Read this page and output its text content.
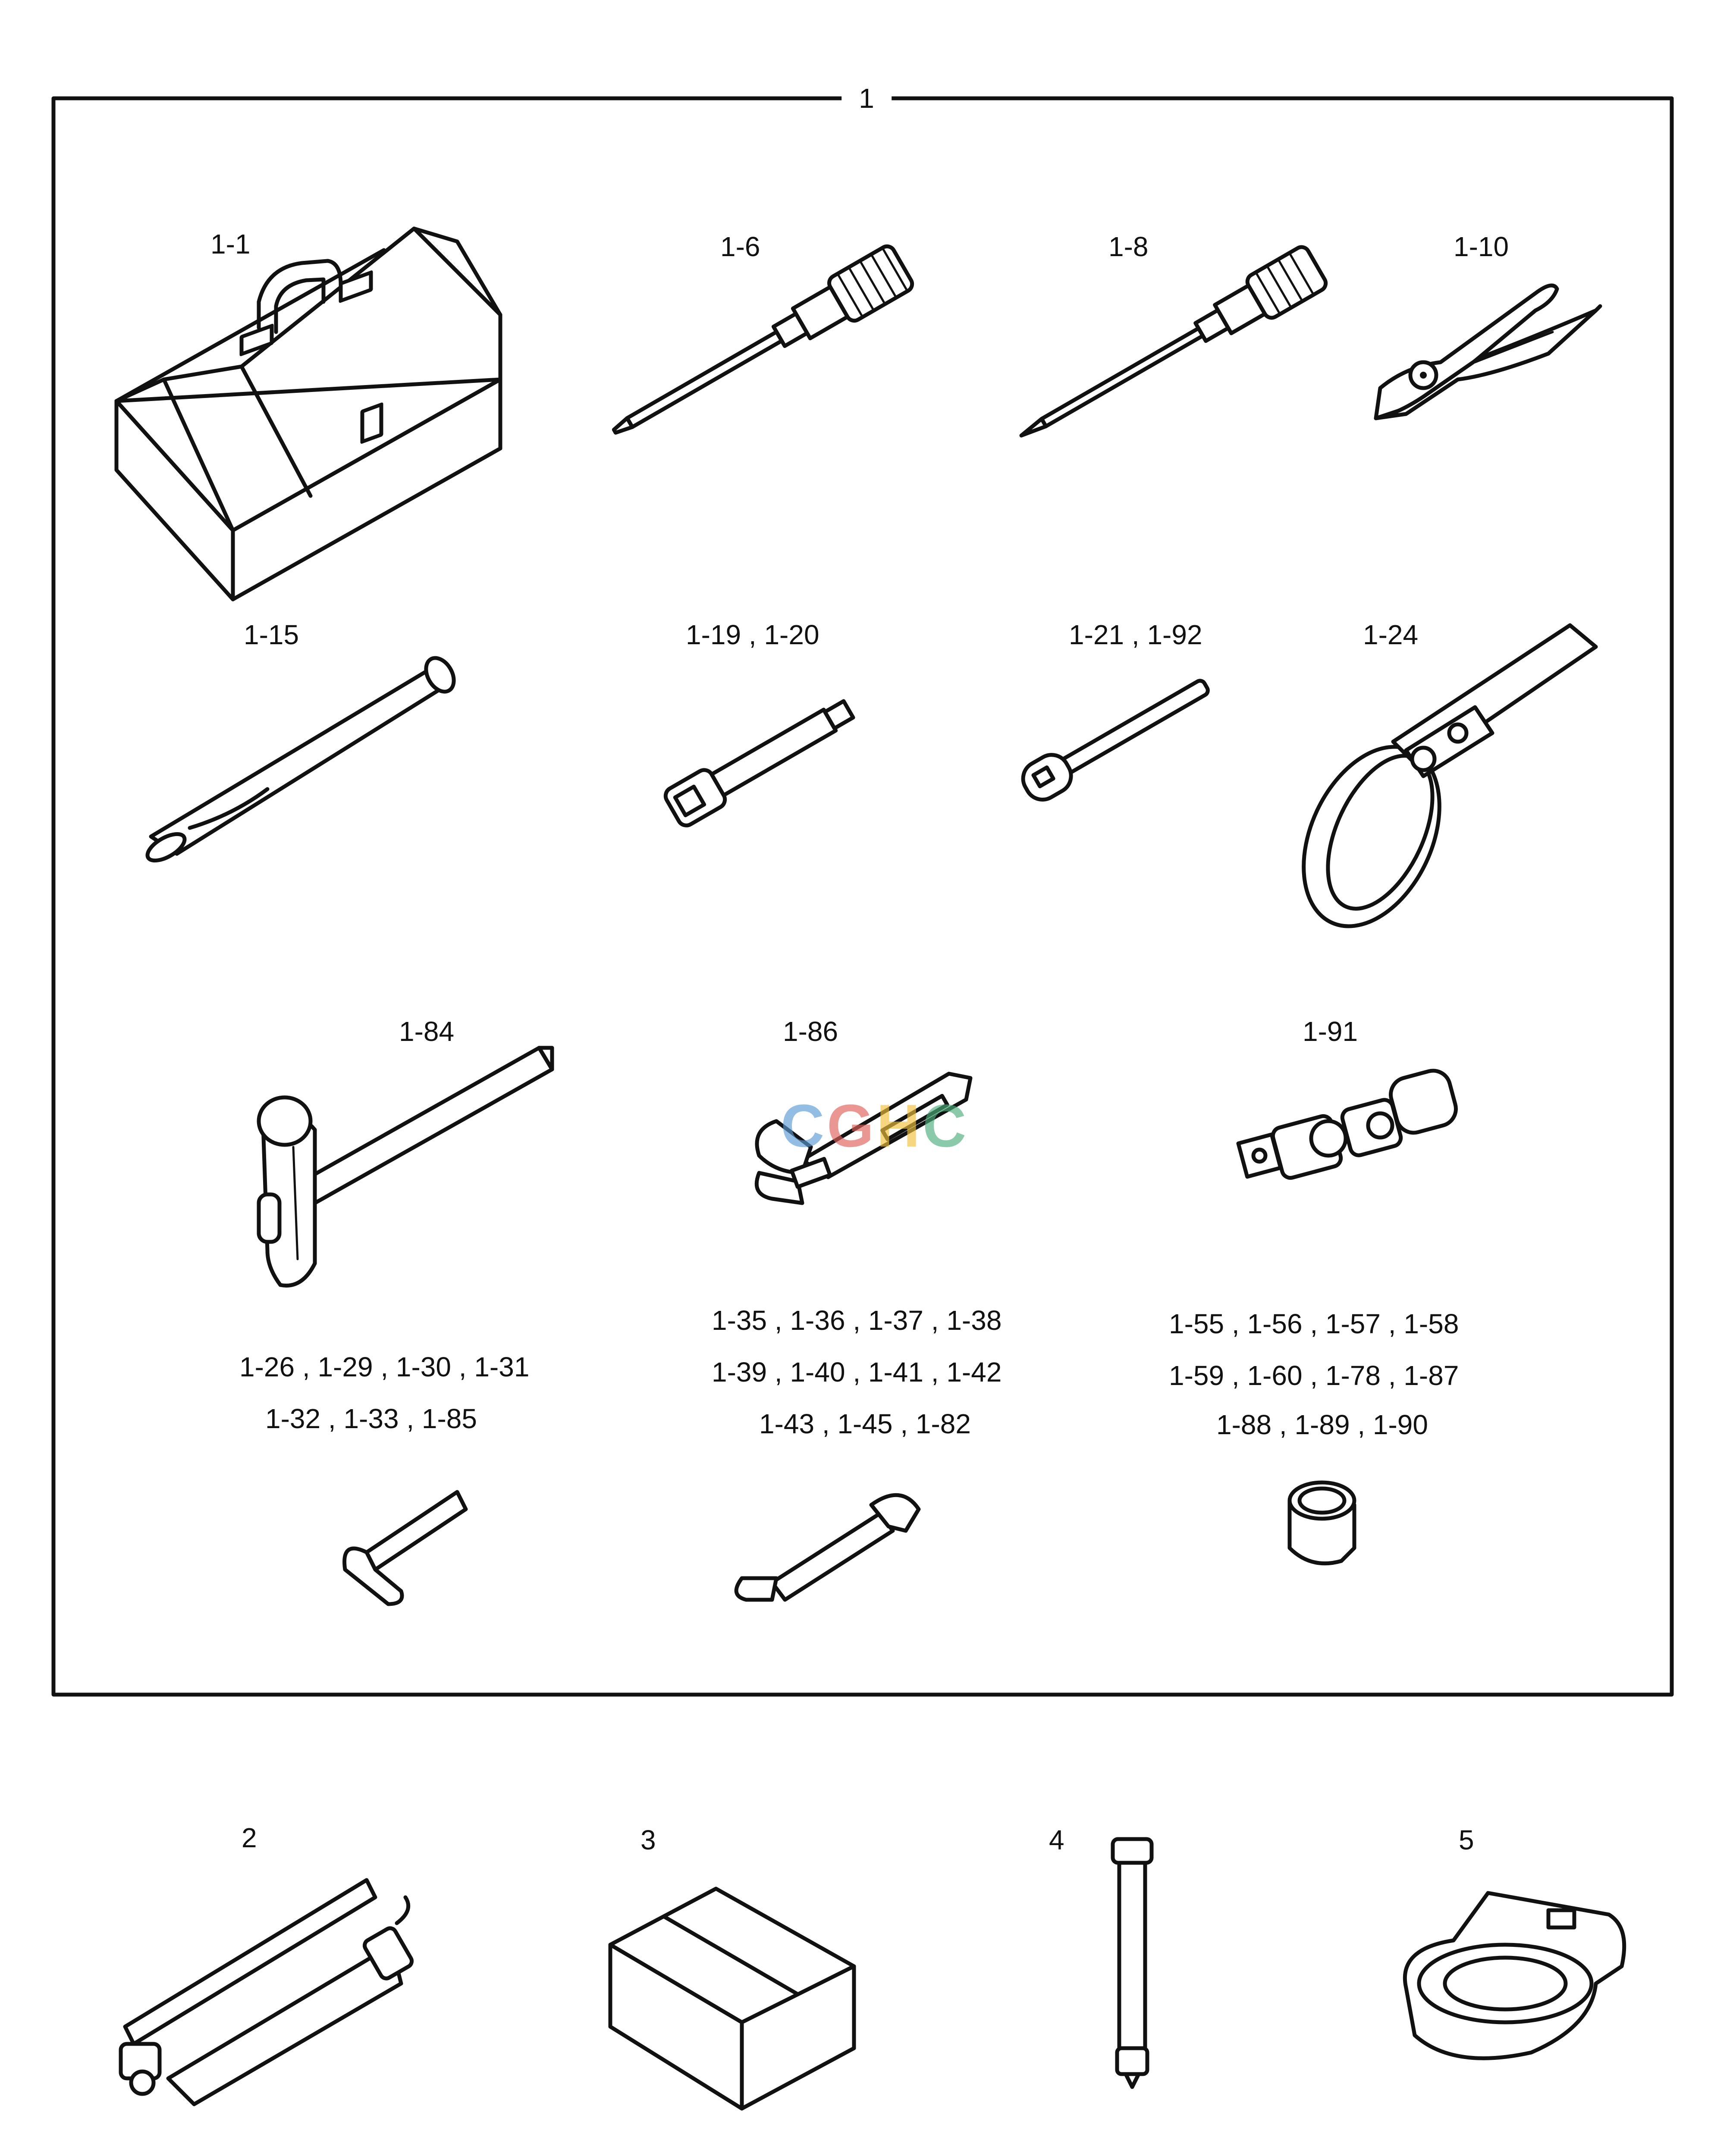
1
1-1	1-6	1-8	1-10
1-15	1-19 , 1-20	1-21 , 1-92	1-24
1-84	1-86	1-91
1-26 , 1-29 , 1-30 , 1-31
1-32 , 1-33 , 1-85
1-35 , 1-36 , 1-37 , 1-38
1-39 , 1-40 , 1-41 , 1-42
1-43 , 1-45 , 1-82
1-55 , 1-56 , 1-57 , 1-58
1-59 , 1-60 , 1-78 , 1-87
1-88 , 1-89 , 1-90
2	3	4	5
CGHC
